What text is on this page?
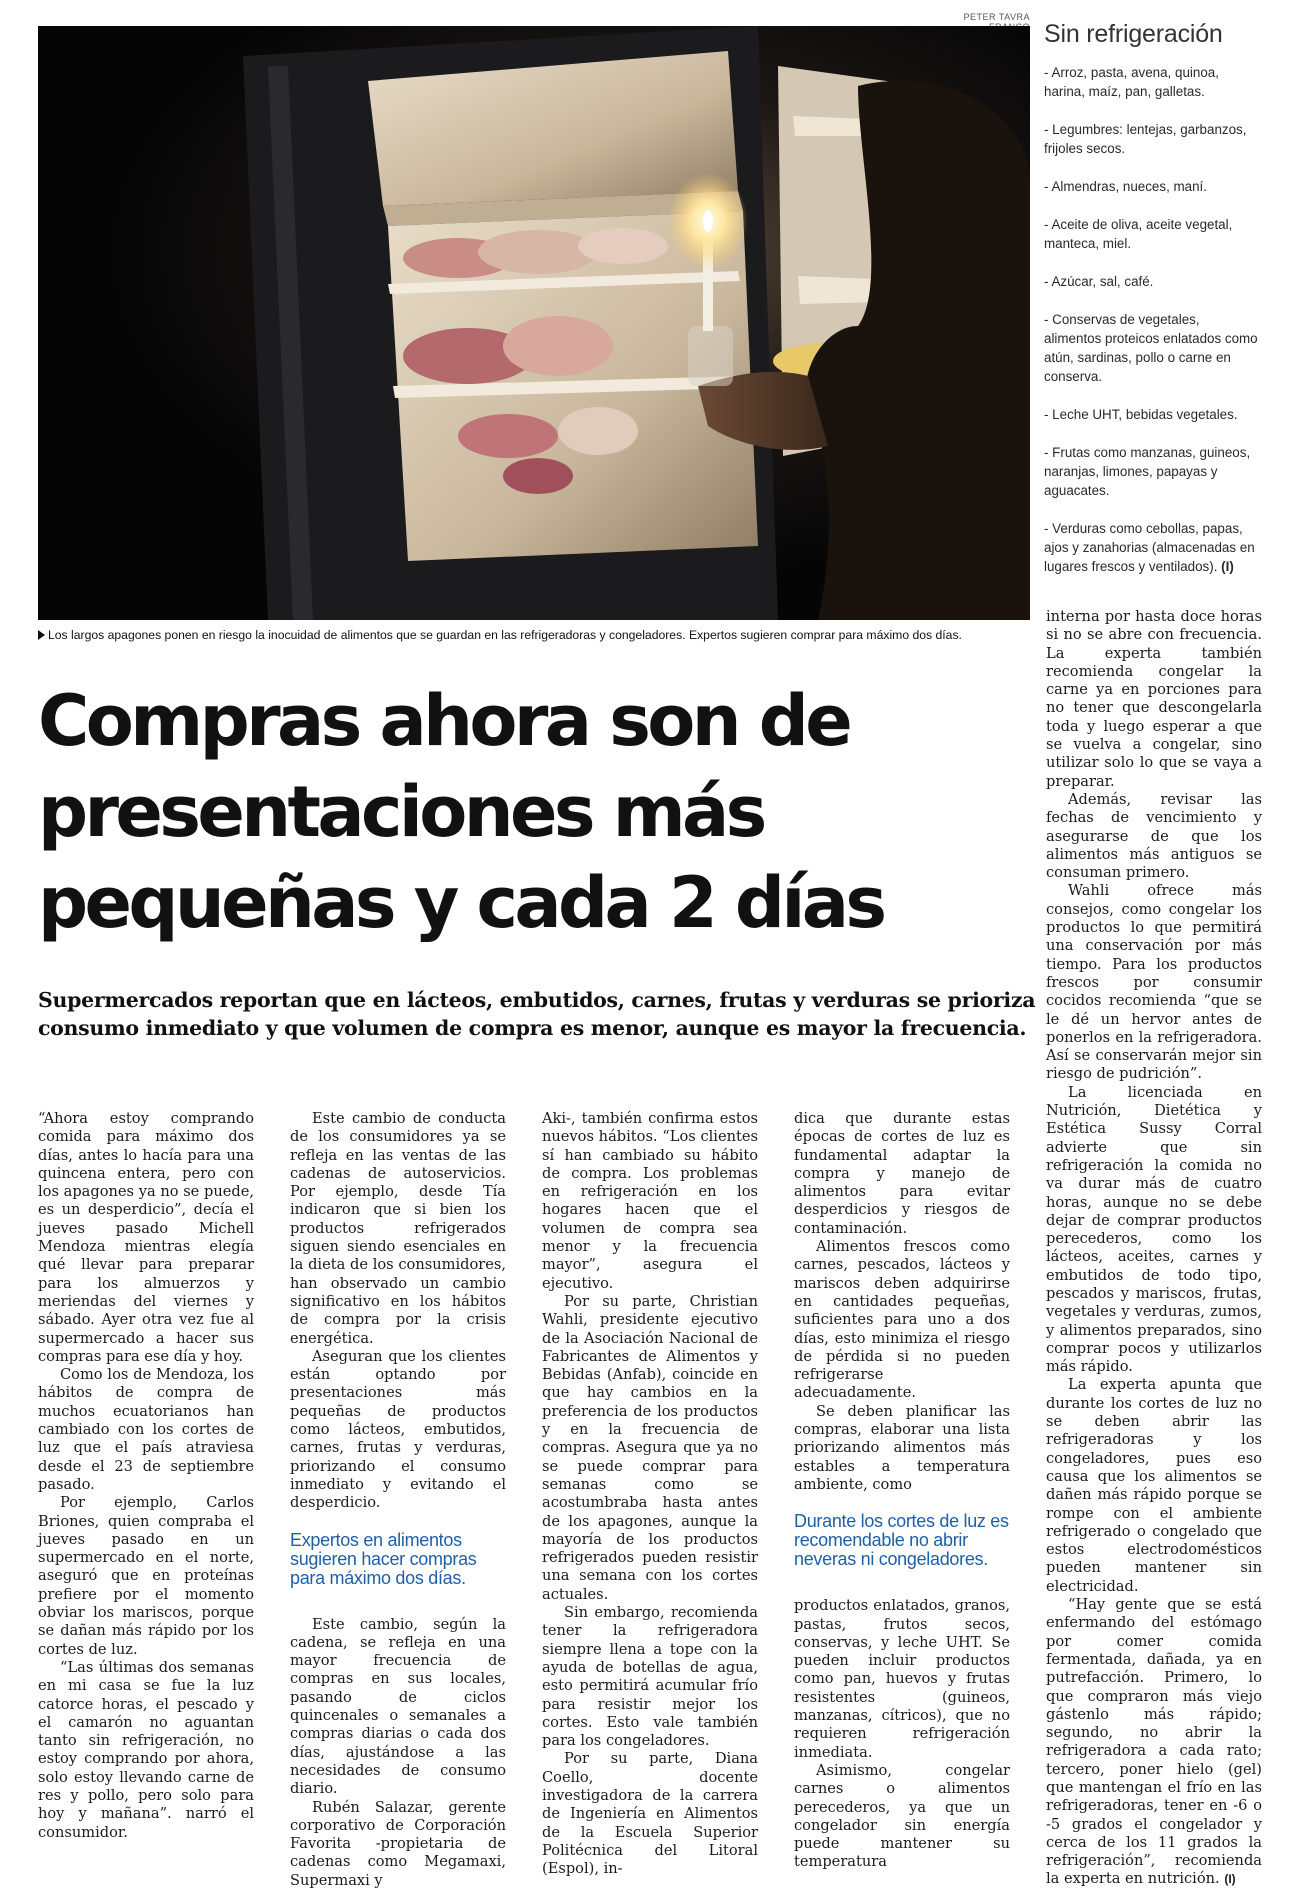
PETER TAVRA
Los largos apagones ponen en riesgo la inocuidad de alimentos que se guardan en las refrigeradoras y congeladores. Expertos sugieren comprar para máximo dos días.
Sin refrigeración
- Arroz, pasta, avena, quinoa, harina, maíz, pan, galletas.
- Legumbres: lentejas, garbanzos, frijoles secos.
- Almendras, nueces, maní.
- Aceite de oliva, aceite vegetal, manteca, miel.
- Azúcar, sal, café.
- Conservas de vegetales, alimentos proteicos enlatados como atún, sardinas, pollo o carne en conserva.
- Leche UHT, bebidas vegetales.
- Frutas como manzanas, guineos, naranjas, limones, papayas y aguacates.
- Verduras como cebollas, papas, ajos y zanahorias (almacenadas en lugares frescos y ventilados). (I)
Compras ahora son de
presentaciones más
pequeñas y cada 2 días

Supermercados reportan que en lácteos, embutidos, carnes, frutas y verduras se prioriza consumo inmediato y que volumen de compra es menor, aunque es mayor la frecuencia.

“Ahora estoy comprando comida para máximo dos días, antes lo hacía para una quincena entera, pero con los apagones ya no se puede, es un desperdicio”, decía el jueves pasado Michell Mendoza mientras elegía qué llevar para preparar para los almuerzos y meriendas del viernes y sábado. Ayer otra vez fue al supermercado a hacer sus compras para ese día y hoy.

Como los de Mendoza, los hábitos de compra de muchos ecuatorianos han cambiado con los cortes de luz que el país atraviesa desde el 23 de septiembre pasado.

Por ejemplo, Carlos Briones, quien compraba el jueves pasado en un supermercado en el norte, aseguró que en proteínas prefiere por el momento obviar los mariscos, porque se dañan más rápido por los cortes de luz.

“Las últimas dos semanas en mi casa se fue la luz catorce horas, el pescado y el camarón no aguantan tanto sin refrigeración, no estoy comprando por ahora, solo estoy llevando carne de res y pollo, pero solo para hoy y mañana”. narró el consumidor.

Este cambio de conducta de los consumidores ya se refleja en las ventas de las cadenas de autoservicios. Por ejemplo, desde Tía indicaron que si bien los productos refrigerados siguen siendo esenciales en la dieta de los consumidores, han observado un cambio significativo en los hábitos de compra por la crisis energética.

Aseguran que los clientes están optando por presentaciones más pequeñas de productos como lácteos, embutidos, carnes, frutas y verduras, priorizando el consumo inmediato y evitando el desperdicio.

Expertos en alimentos sugieren hacer compras para máximo dos días.

Este cambio, según la cadena, se refleja en una mayor frecuencia de compras en sus locales, pasando de ciclos quincenales o semanales a compras diarias o cada dos días, ajustándose a las necesidades de consumo diario.

Rubén Salazar, gerente corporativo de Corporación Favorita -propietaria de cadenas como Megamaxi, Supermaxi y

Aki-, también confirma estos nuevos hábitos. “Los clientes sí han cambiado su hábito de compra. Los problemas en refrigeración en los hogares hacen que el volumen de compra sea menor y la frecuencia mayor”, asegura el ejecutivo.

Por su parte, Christian Wahli, presidente ejecutivo de la Asociación Nacional de Fabricantes de Alimentos y Bebidas (Anfab), coincide en que hay cambios en la preferencia de los productos y en la frecuencia de compras. Asegura que ya no se puede comprar para semanas como se acostumbraba hasta antes de los apagones, aunque la mayoría de los productos refrigerados pueden resistir una semana con los cortes actuales.

Sin embargo, recomienda tener la refrigeradora siempre llena a tope con la ayuda de botellas de agua, esto permitirá acumular frío para resistir mejor los cortes. Esto vale también para los congeladores.

Por su parte, Diana Coello, docente investigadora de la carrera de Ingeniería en Alimentos de la Escuela Superior Politécnica del Litoral (Espol), in-

dica que durante estas épocas de cortes de luz es fundamental adaptar la compra y manejo de alimentos para evitar desperdicios y riesgos de contaminación.

Alimentos frescos como carnes, pescados, lácteos y mariscos deben adquirirse en cantidades pequeñas, suficientes para uno a dos días, esto minimiza el riesgo de pérdida si no pueden refrigerarse adecuadamente.

Se deben planificar las compras, elaborar una lista priorizando alimentos más estables a temperatura ambiente, como

Durante los cortes de luz es recomendable no abrir neveras ni congeladores.

productos enlatados, granos, pastas, frutos secos, conservas, y leche UHT. Se pueden incluir productos como pan, huevos y frutas resistentes (guineos, manzanas, cítricos), que no requieren refrigeración inmediata.

Asimismo, congelar carnes o alimentos perecederos, ya que un congelador sin energía puede mantener su temperatura

interna por hasta doce horas si no se abre con frecuencia. La experta también recomienda congelar la carne ya en porciones para no tener que descongelarla toda y luego esperar a que se vuelva a congelar, sino utilizar solo lo que se vaya a preparar.

Además, revisar las fechas de vencimiento y asegurarse de que los alimentos más antiguos se consuman primero.

Wahli ofrece más consejos, como congelar los productos lo que permitirá una conservación por más tiempo. Para los productos frescos por consumir cocidos recomienda “que se le dé un hervor antes de ponerlos en la refrigeradora. Así se conservarán mejor sin riesgo de pudrición”.

La licenciada en Nutrición, Dietética y Estética Sussy Corral advierte que sin refrigeración la comida no va durar más de cuatro horas, aunque no se debe dejar de comprar productos perecederos, como los lácteos, aceites, carnes y embutidos de todo tipo, pescados y mariscos, frutas, vegetales y verduras, zumos, y alimentos preparados, sino comprar pocos y utilizarlos más rápido.

La experta apunta que durante los cortes de luz no se deben abrir las refrigeradoras y los congeladores, pues eso causa que los alimentos se dañen más rápido porque se rompe con el ambiente refrigerado o congelado que estos electrodomésticos pueden mantener sin electricidad.

“Hay gente que se está enfermando del estómago por comer comida fermentada, dañada, ya en putrefacción. Primero, lo que compraron más viejo gástenlo más rápido; segundo, no abrir la refrigeradora a cada rato; tercero, poner hielo (gel) que mantengan el frío en las refrigeradoras, tener en -6 o -5 grados el congelador y cerca de los 11 grados la refrigeración”, recomienda la experta en nutrición. (I)
